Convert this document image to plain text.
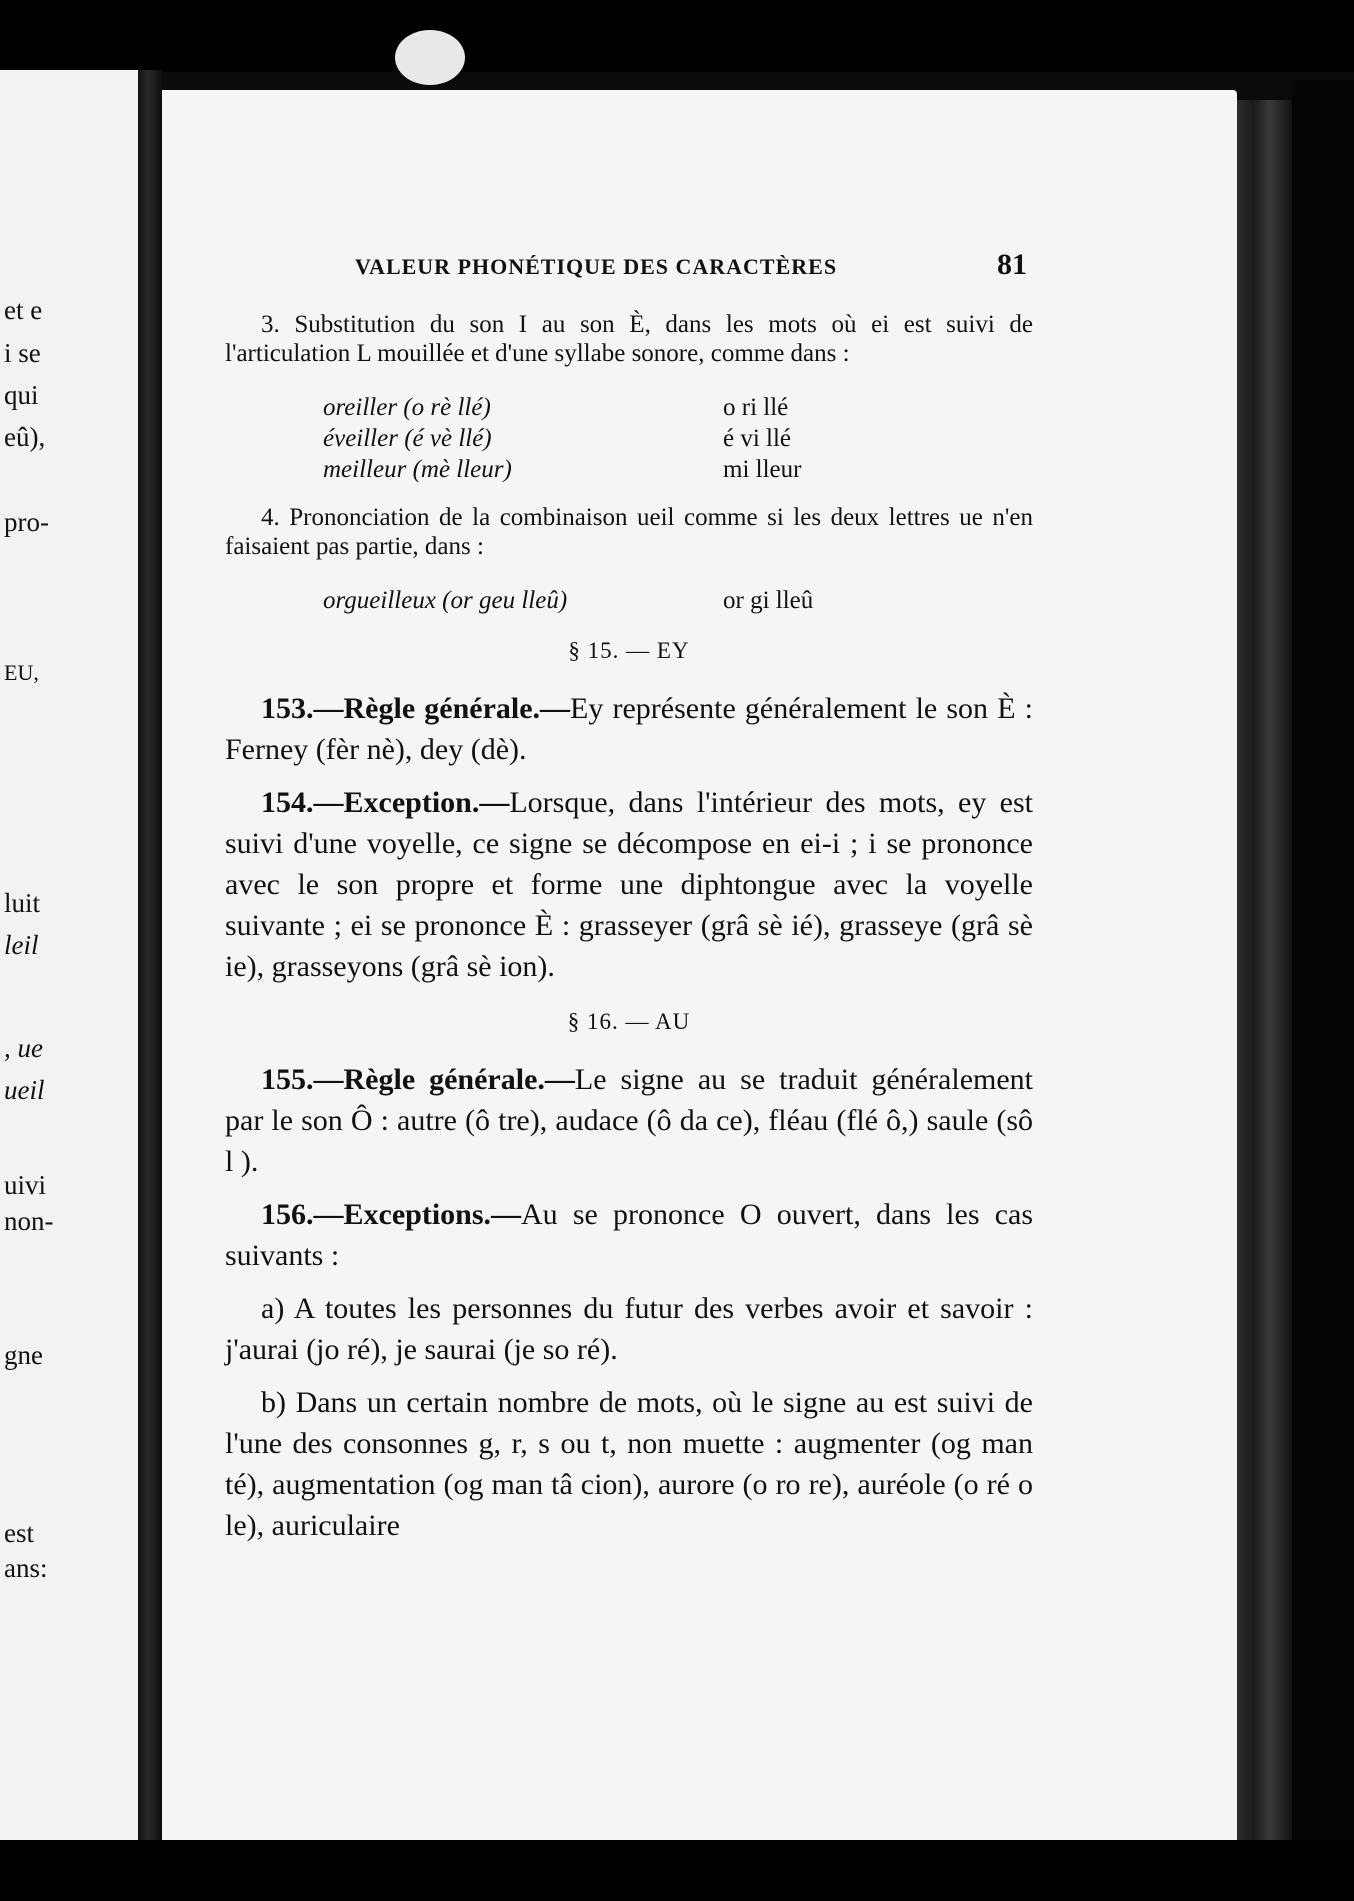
et e
i se
qui
eû),
pro-
EU,
luit
leil
, ue
ueil
uivi
non-
gne
est
ans:
VALEUR PHONÉTIQUE DES CARACTÈRES	81

3. Substitution du son I au son È, dans les mots où ei est suivi de l'articulation L mouillée et d'une syllabe sonore, comme dans :

oreiller (o rè llé)	o ri llé
éveiller (é vè llé)	é vi llé
meilleur (mè lleur)	mi lleur

4. Prononciation de la combinaison ueil comme si les deux lettres ue n'en faisaient pas partie, dans :

orgueilleux (or geu lleû)	or gi lleû
§ 15. — EY

153.—Règle générale.—Ey représente généralement le son È : Ferney (fèr nè), dey (dè).

154.—Exception.—Lorsque, dans l'intérieur des mots, ey est suivi d'une voyelle, ce signe se décompose en ei-i ; i se prononce avec le son propre et forme une diphtongue avec la voyelle suivante ; ei se prononce È : grasseyer (grâ sè ié), grasseye (grâ sè ie), grasseyons (grâ sè ion).

§ 16. — AU

155.—Règle générale.—Le signe au se traduit généralement par le son Ô : autre (ô tre), audace (ô da ce), fléau (flé ô,) saule (sô l ).

156.—Exceptions.—Au se prononce O ouvert, dans les cas suivants :

a) A toutes les personnes du futur des verbes avoir et savoir : j'aurai (jo ré), je saurai (je so ré).

b) Dans un certain nombre de mots, où le signe au est suivi de l'une des consonnes g, r, s ou t, non muette : augmenter (og man té), augmentation (og man tâ cion), aurore (o ro re), auréole (o ré o le), auriculaire
